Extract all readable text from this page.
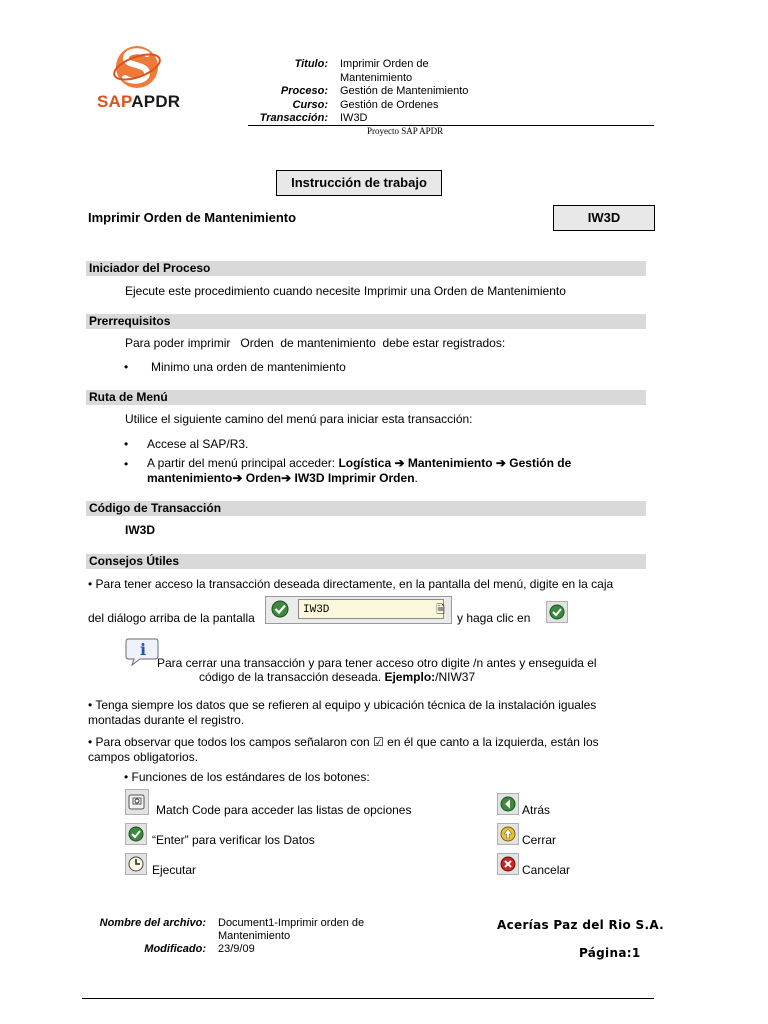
SAPAPDR
Titulo: Imprimir Orden de
Mantenimiento
Proceso: Gestión de Mantenimiento
Curso: Gestión de Ordenes
Transacción: IW3D
Proyecto SAP APDR
Instrucción de trabajo
Imprimir Orden de Mantenimiento	IW3D
Iniciador del Proceso
Ejecute este procedimiento cuando necesite Imprimir una Orden de Mantenimiento
Prerrequisitos
Para poder imprimir   Orden  de mantenimiento  debe estar registrados:
• Minimo una orden de mantenimiento
Ruta de Menú
Utilice el siguiente camino del menú para iniciar esta transacción:
• Accese al SAP/R3.
• A partir del menú principal acceder: Logística ➔ Mantenimiento ➔ Gestión de mantenimiento➔ Orden➔ IW3D Imprimir Orden.
Código de Transacción
IW3D
Consejos Útiles
• Para tener acceso la transacción deseada directamente, en la pantalla del menú, digite en la caja
del diálogo arriba de la pantalla
IW3D	🗎
y haga clic en
i
Para cerrar una transacción y para tener acceso otro digite /n antes y enseguida el
código de la transacción deseada. Ejemplo:/NIW37
• Tenga siempre los datos que se refieren al equipo y ubicación técnica de la instalación iguales
montadas durante el registro.
• Para observar que todos los campos señalaron con ☑ en él que canto a la izquierda, están los
campos obligatorios.
• Funciones de los estándares de los botones:
Match Code para acceder las listas de opciones
“Enter” para verificar los Datos
Ejecutar
Atrás
Cerrar
Cancelar
Nombre del archivo: Document1-Imprimir orden de
Mantenimiento
Modificado: 23/9/09
Acerías Paz del Rio S.A.
Página:1
